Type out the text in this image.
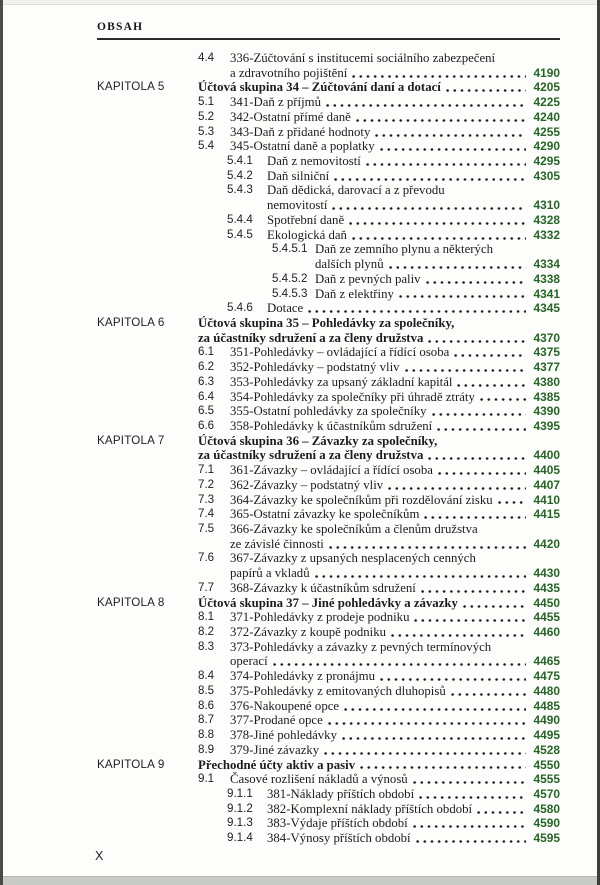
OBSAH
4.4	336-Zúčtování s institucemi sociálního zabezpečení
a zdravotního pojištění	4190
KAPITOLA 5	Účtová skupina 34 – Zúčtování daní a dotací	4205
5.1	341-Daň z příjmů	4225
5.2	342-Ostatní přímé daně	4240
5.3	343-Daň z přidané hodnoty	4255
5.4	345-Ostatní daně a poplatky	4290
5.4.1	Daň z nemovitostí	4295
5.4.2	Daň silniční	4305
5.4.3	Daň dědická, darovací a z převodu
nemovitostí	4310
5.4.4	Spotřební daně	4328
5.4.5	Ekologická daň	4332
5.4.5.1 Daň ze zemního plynu a některých
dalších plynů	4334
5.4.5.2 Daň z pevných paliv	4338
5.4.5.3 Daň z elektřiny	4341
5.4.6	Dotace	4345
KAPITOLA 6	Účtová skupina 35 – Pohledávky za společníky,
za účastníky sdružení a za členy družstva	4370
6.1	351-Pohledávky – ovládající a řídící osoba	4375
6.2	352-Pohledávky – podstatný vliv	4377
6.3	353-Pohledávky za upsaný základní kapitál	4380
6.4	354-Pohledávky za společníky při úhradě ztráty	4385
6.5	355-Ostatní pohledávky za společníky	4390
6.6	358-Pohledávky k účastníkům sdružení	4395
KAPITOLA 7	Účtová skupina 36 – Závazky za společníky,
za účastníky sdružení a za členy družstva	4400
7.1	361-Závazky – ovládající a řídící osoba	4405
7.2	362-Závazky – podstatný vliv	4407
7.3	364-Závazky ke společníkům při rozdělování zisku	4410
7.4	365-Ostatní závazky ke společníkům	4415
7.5	366-Závazky ke společníkům a členům družstva
ze závislé činnosti	4420
7.6	367-Závazky z upsaných nesplacených cenných
papírů a vkladů	4430
7.7	368-Závazky k účastníkům sdružení	4435
KAPITOLA 8	Účtová skupina 37 – Jiné pohledávky a závazky	4450
8.1	371-Pohledávky z prodeje podniku	4455
8.2	372-Závazky z koupě podniku	4460
8.3	373-Pohledávky a závazky z pevných termínových
operací	4465
8.4	374-Pohledávky z pronájmu	4475
8.5	375-Pohledávky z emitovaných dluhopisů	4480
8.6	376-Nakoupené opce	4485
8.7	377-Prodané opce	4490
8.8	378-Jiné pohledávky	4495
8.9	379-Jiné závazky	4528
KAPITOLA 9	Přechodné účty aktiv a pasiv	4550
9.1	Časové rozlišení nákladů a výnosů	4555
9.1.1	381-Náklady příštích období	4570
9.1.2	382-Komplexní náklady příštích období	4580
9.1.3	383-Výdaje příštích období	4590
9.1.4	384-Výnosy příštích období	4595
X
